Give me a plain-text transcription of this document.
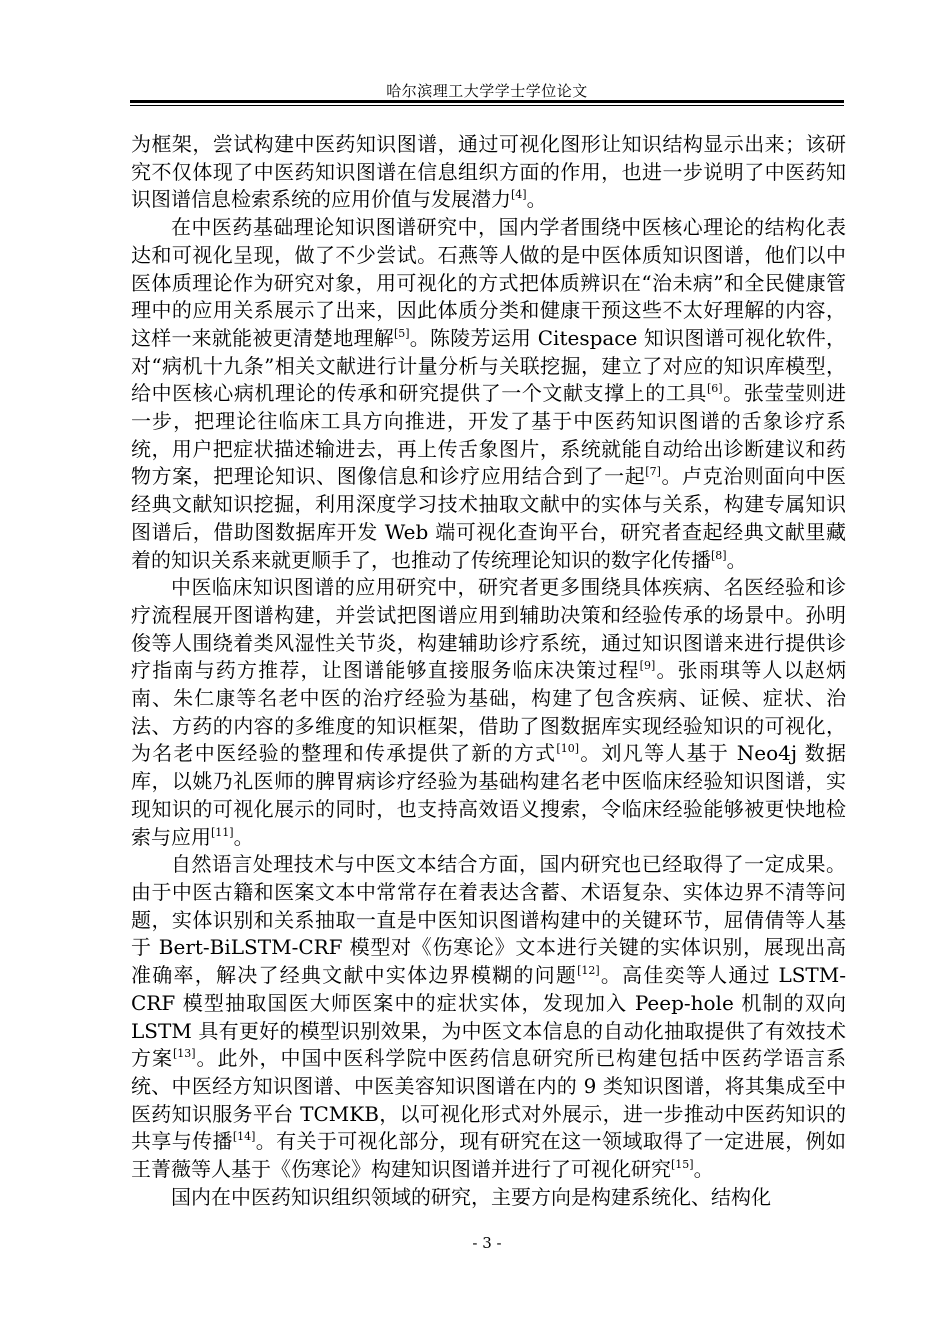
哈尔滨理工大学学士学位论文

为框架，尝试构建中医药知识图谱，通过可视化图形让知识结构显示出来；该研究不仅体现了中医药知识图谱在信息组织方面的作用，也进一步说明了中医药知识图谱信息检索系统的应用价值与发展潜力[4]。

在中医药基础理论知识图谱研究中，国内学者围绕中医核心理论的结构化表达和可视化呈现，做了不少尝试。石燕等人做的是中医体质知识图谱，他们以中医体质理论作为研究对象，用可视化的方式把体质辨识在“治未病”和全民健康管理中的应用关系展示了出来，因此体质分类和健康干预这些不太好理解的内容，这样一来就能被更清楚地理解[5]。陈陵芳运用 Citespace 知识图谱可视化软件，对“病机十九条”相关文献进行计量分析与关联挖掘，建立了对应的知识库模型，给中医核心病机理论的传承和研究提供了一个文献支撑上的工具[6]。张莹莹则进一步，把理论往临床工具方向推进，开发了基于中医药知识图谱的舌象诊疗系统，用户把症状描述输进去，再上传舌象图片，系统就能自动给出诊断建议和药物方案，把理论知识、图像信息和诊疗应用结合到了一起[7]。卢克治则面向中医经典文献知识挖掘，利用深度学习技术抽取文献中的实体与关系，构建专属知识图谱后，借助图数据库开发 Web 端可视化查询平台，研究者查起经典文献里藏着的知识关系来就更顺手了，也推动了传统理论知识的数字化传播[8]。

中医临床知识图谱的应用研究中，研究者更多围绕具体疾病、名医经验和诊疗流程展开图谱构建，并尝试把图谱应用到辅助决策和经验传承的场景中。孙明俊等人围绕着类风湿性关节炎，构建辅助诊疗系统，通过知识图谱来进行提供诊疗指南与药方推荐，让图谱能够直接服务临床决策过程[9]。张雨琪等人以赵炳南、朱仁康等名老中医的治疗经验为基础，构建了包含疾病、证候、症状、治法、方药的内容的多维度的知识框架，借助了图数据库实现经验知识的可视化，为名老中医经验的整理和传承提供了新的方式[10]。刘凡等人基于 Neo4j 数据库，以姚乃礼医师的脾胃病诊疗经验为基础构建名老中医临床经验知识图谱，实现知识的可视化展示的同时，也支持高效语义搜索，令临床经验能够被更快地检索与应用[11]。

自然语言处理技术与中医文本结合方面，国内研究也已经取得了一定成果。由于中医古籍和医案文本中常常存在着表达含蓄、术语复杂、实体边界不清等问题，实体识别和关系抽取一直是中医知识图谱构建中的关键环节，屈倩倩等人基于 Bert-BiLSTM-CRF 模型对《伤寒论》文本进行关键的实体识别，展现出高准确率，解决了经典文献中实体边界模糊的问题[12]。高佳奕等人通过 LSTM-CRF 模型抽取国医大师医案中的症状实体，发现加入 Peep-hole 机制的双向 LSTM 具有更好的模型识别效果，为中医文本信息的自动化抽取提供了有效技术方案[13]。此外，中国中医科学院中医药信息研究所已构建包括中医药学语言系统、中医经方知识图谱、中医美容知识图谱在内的 9 类知识图谱，将其集成至中医药知识服务平台 TCMKB，以可视化形式对外展示，进一步推动中医药知识的共享与传播[14]。有关于可视化部分，现有研究在这一领域取得了一定进展，例如王菁薇等人基于《伤寒论》构建知识图谱并进行了可视化研究[15]。

国内在中医药知识组织领域的研究，主要方向是构建系统化、结构化

- 3 -
